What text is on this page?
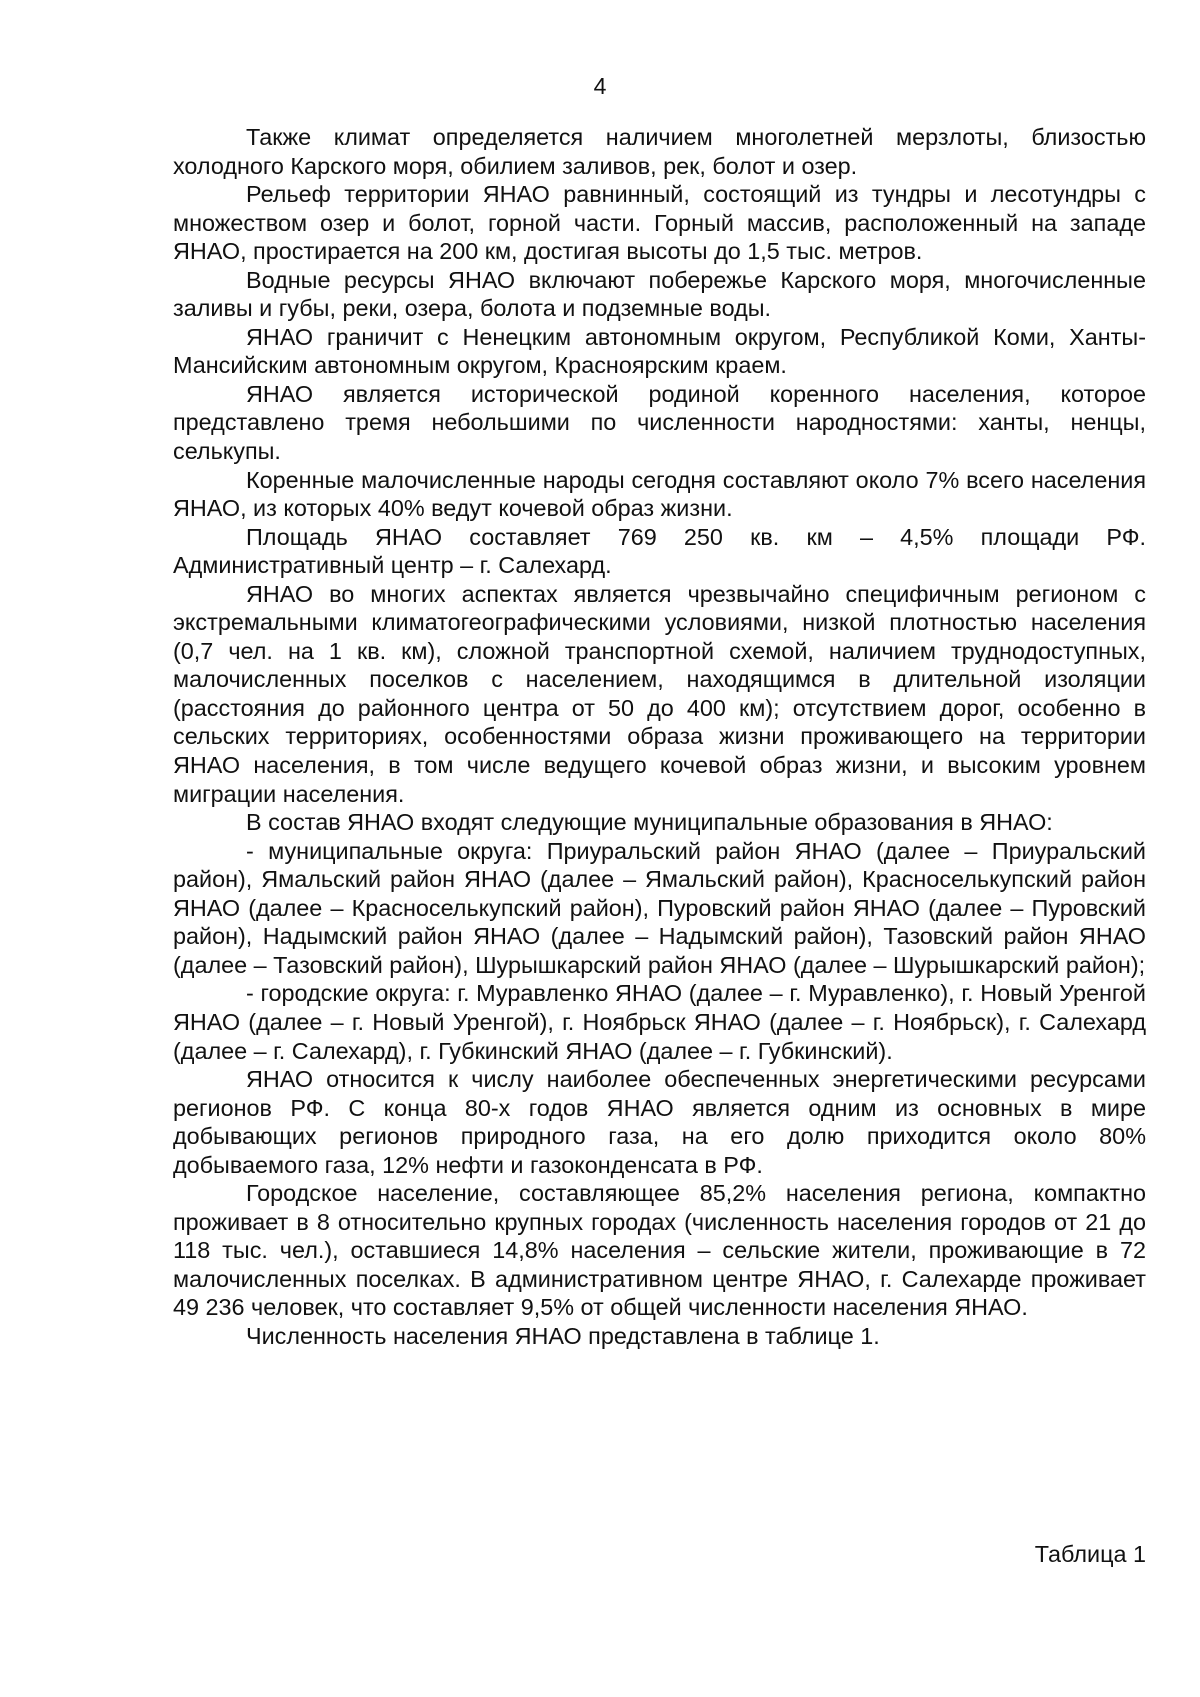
4

Также климат определяется наличием многолетней мерзлоты, близостью холодного Карского моря, обилием заливов, рек, болот и озер.

Рельеф территории ЯНАО равнинный, состоящий из тундры и лесотундры с множеством озер и болот, горной части. Горный массив, расположенный на западе ЯНАО, простирается на 200 км, достигая высоты до 1,5 тыс. метров.

Водные ресурсы ЯНАО включают побережье Карского моря, многочисленные заливы и губы, реки, озера, болота и подземные воды.

ЯНАО граничит с Ненецким автономным округом, Республикой Коми, Ханты-Мансийским автономным округом, Красноярским краем.

ЯНАО является исторической родиной коренного населения, которое представлено тремя небольшими по численности народностями: ханты, ненцы, селькупы.

Коренные малочисленные народы сегодня составляют около 7% всего населения ЯНАО, из которых 40% ведут кочевой образ жизни.

Площадь ЯНАО составляет 769 250 кв. км – 4,5% площади РФ. Административный центр – г. Салехард.

ЯНАО во многих аспектах является чрезвычайно специфичным регионом с экстремальными климатогеографическими условиями, низкой плотностью населения (0,7 чел. на 1 кв. км), сложной транспортной схемой, наличием труднодоступных, малочисленных поселков с населением, находящимся в длительной изоляции (расстояния до районного центра от 50 до 400 км); отсутствием дорог, особенно в сельских территориях, особенностями образа жизни проживающего на территории ЯНАО населения, в том числе ведущего кочевой образ жизни, и высоким уровнем миграции населения.

В состав ЯНАО входят следующие муниципальные образования в ЯНАО:

- муниципальные округа: Приуральский район ЯНАО (далее – Приуральский район), Ямальский район ЯНАО (далее – Ямальский район), Красноселькупский район ЯНАО (далее – Красноселькупский район), Пуровский район ЯНАО (далее – Пуровский район), Надымский район ЯНАО (далее – Надымский район), Тазовский район ЯНАО (далее – Тазовский район), Шурышкарский район ЯНАО (далее – Шурышкарский район);

- городские округа: г. Муравленко ЯНАО (далее – г. Муравленко), г. Новый Уренгой ЯНАО (далее – г. Новый Уренгой), г. Ноябрьск ЯНАО (далее – г. Ноябрьск), г. Салехард (далее – г. Салехард), г. Губкинский ЯНАО (далее – г. Губкинский).

ЯНАО относится к числу наиболее обеспеченных энергетическими ресурсами регионов РФ. С конца 80-х годов ЯНАО является одним из основных в мире добывающих регионов природного газа, на его долю приходится около 80% добываемого газа, 12% нефти и газоконденсата в РФ.

Городское население, составляющее 85,2% населения региона, компактно проживает в 8 относительно крупных городах (численность населения городов от 21 до 118 тыс. чел.), оставшиеся 14,8% населения – сельские жители, проживающие в 72 малочисленных поселках. В административном центре ЯНАО, г. Салехарде проживает 49 236 человек, что составляет 9,5% от общей численности населения ЯНАО.

Численность населения ЯНАО представлена в таблице 1.

Таблица 1
